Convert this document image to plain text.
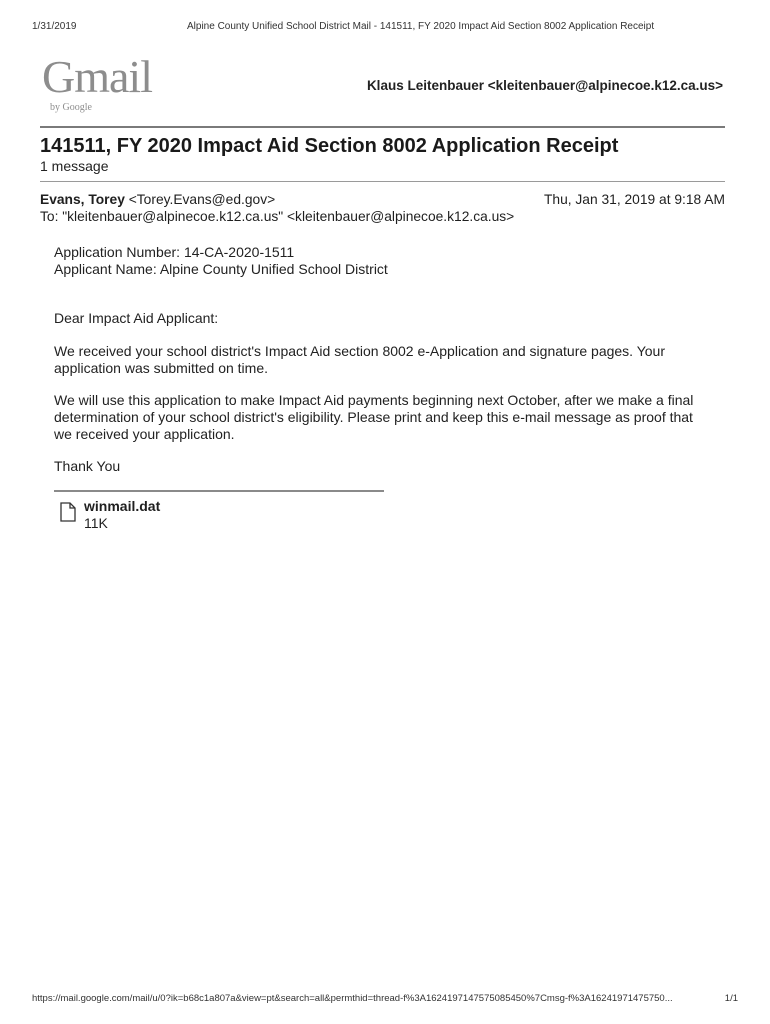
1/31/2019	Alpine County Unified School District Mail - 141511, FY 2020 Impact Aid Section 8002 Application Receipt
Gmail
by Google
Klaus Leitenbauer <kleitenbauer@alpinecoe.k12.ca.us>
141511, FY 2020 Impact Aid Section 8002 Application Receipt
1 message
Evans, Torey <Torey.Evans@ed.gov>	Thu, Jan 31, 2019 at 9:18 AM
To: "kleitenbauer@alpinecoe.k12.ca.us" <kleitenbauer@alpinecoe.k12.ca.us>
Application Number: 14-CA-2020-1511
Applicant Name: Alpine County Unified School District
Dear Impact Aid Applicant:
We received your school district's Impact Aid section 8002 e-Application and signature pages. Your application was submitted on time.
We will use this application to make Impact Aid payments beginning next October, after we make a final determination of your school district's eligibility. Please print and keep this e-mail message as proof that we received your application.
Thank You
winmail.dat
11K
https://mail.google.com/mail/u/0?ik=b68c1a807a&view=pt&search=all&permthid=thread-f%3A1624197147575085450%7Cmsg-f%3A16241971475750...	1/1
